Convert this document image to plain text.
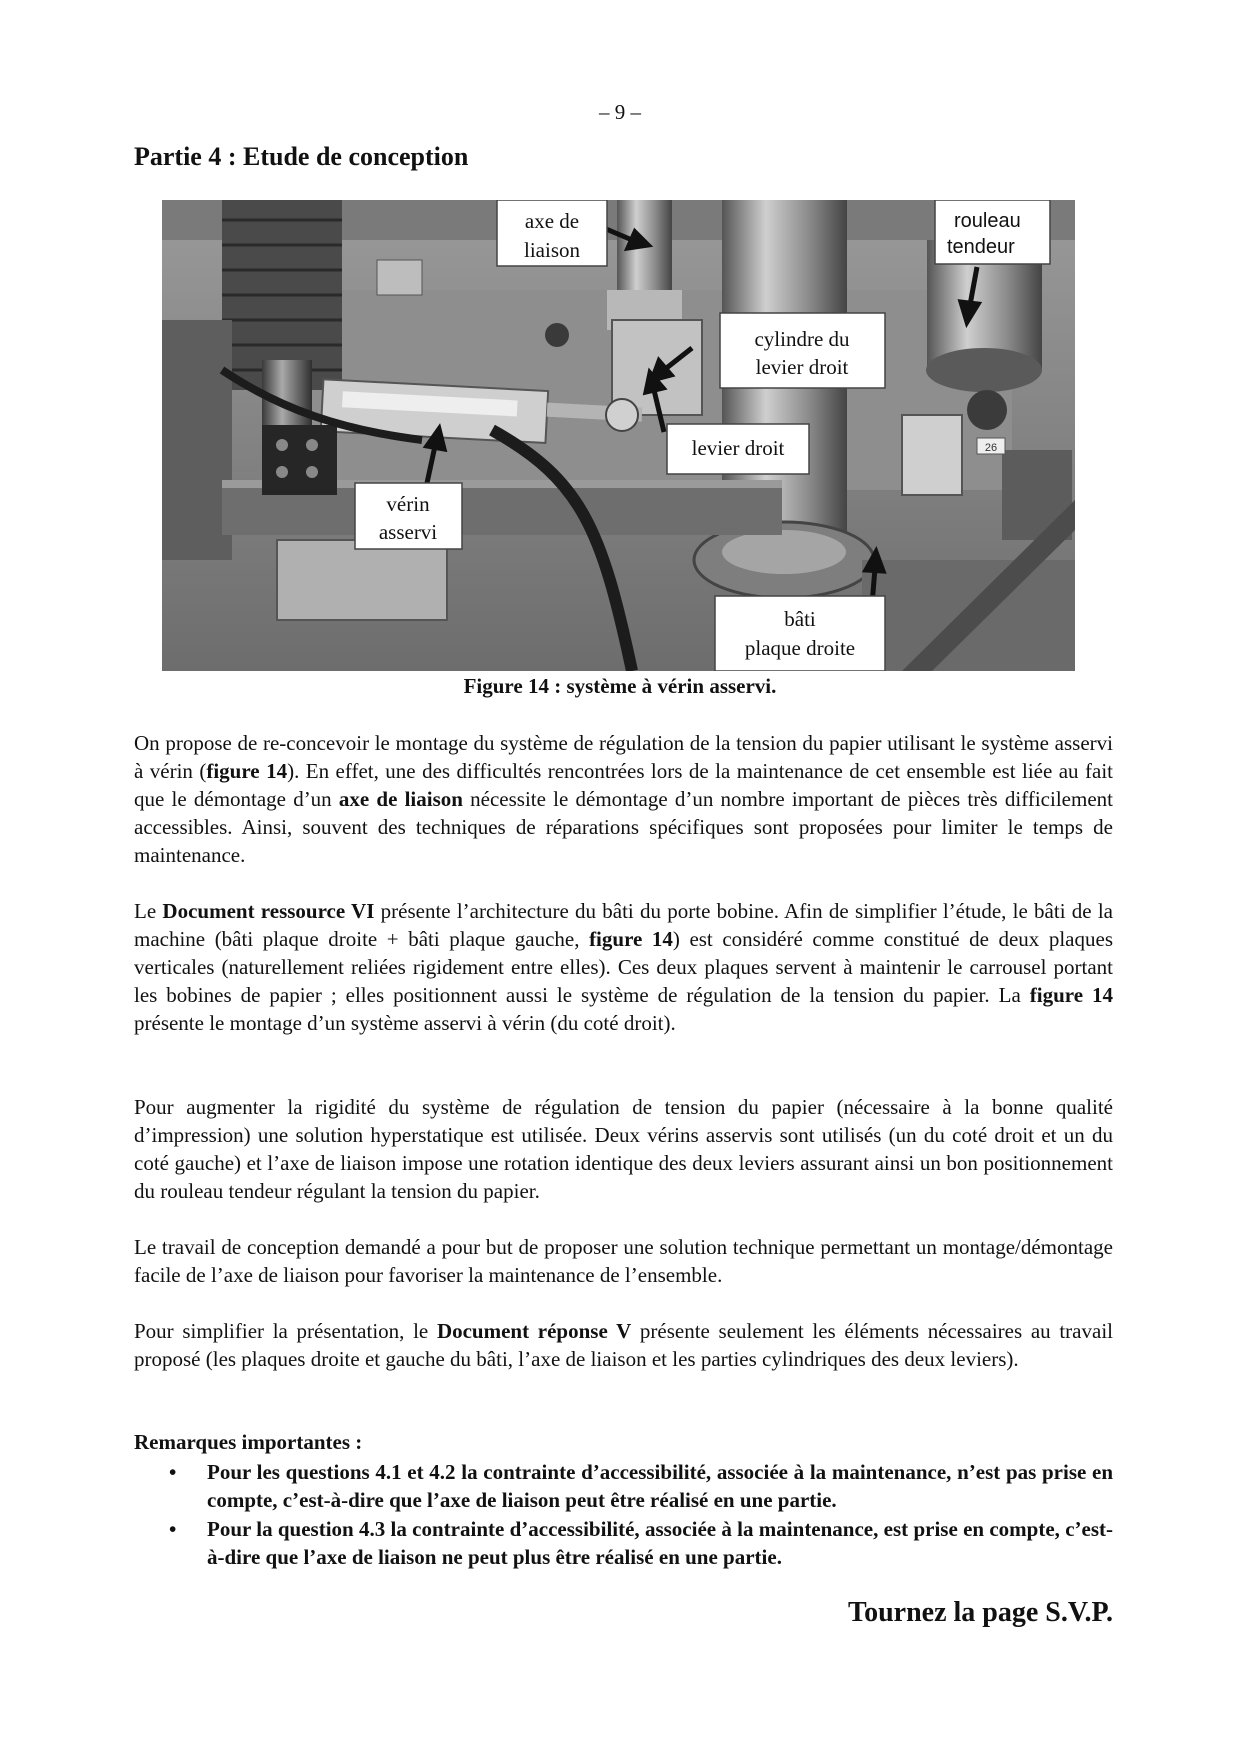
– 9 –
Partie 4 : Etude de conception
26
axe de
liaison
rouleau
tendeur
cylindre du
levier droit
levier droit
vérin
asservi
bâti
plaque droite
Figure 14 : système à vérin asservi.
On propose de re-concevoir le montage du système de régulation de la tension du papier utilisant le système asservi à vérin (figure 14). En effet, une des difficultés rencontrées lors de la maintenance de cet ensemble est liée au fait que le démontage d’un axe de liaison nécessite le démontage d’un nombre important de pièces très difficilement accessibles. Ainsi, souvent des techniques de réparations spécifiques sont proposées pour limiter le temps de maintenance.
Le Document ressource VI présente l’architecture du bâti du porte bobine. Afin de simplifier l’étude, le bâti de la machine (bâti plaque droite + bâti plaque gauche, figure 14) est considéré comme constitué de deux plaques verticales (naturellement reliées rigidement entre elles). Ces deux plaques servent à maintenir le carrousel portant les bobines de papier ; elles positionnent aussi le système de régulation de la tension du papier. La figure 14 présente le montage d’un système asservi à vérin (du coté droit).
Pour augmenter la rigidité du système de régulation de tension du papier (nécessaire à la bonne qualité d’impression) une solution hyperstatique est utilisée. Deux vérins asservis sont utilisés (un du coté droit et un du coté gauche) et l’axe de liaison impose une rotation identique des deux leviers assurant ainsi un bon positionnement du rouleau tendeur régulant la tension du papier.
Le travail de conception demandé a pour but de proposer une solution technique permettant un montage/démontage facile de l’axe de liaison pour favoriser la maintenance de l’ensemble.
Pour simplifier la présentation, le Document réponse V présente seulement les éléments nécessaires au travail proposé (les plaques droite et gauche du bâti, l’axe de liaison et les parties cylindriques des deux leviers).
Remarques importantes :
• Pour les questions 4.1 et 4.2 la contrainte d’accessibilité, associée à la maintenance, n’est pas prise en compte, c’est-à-dire que l’axe de liaison peut être réalisé en une partie.
• Pour la question 4.3 la contrainte d’accessibilité, associée à la maintenance, est prise en compte, c’est-à-dire que l’axe de liaison ne peut plus être réalisé en une partie.
Tournez la page S.V.P.
